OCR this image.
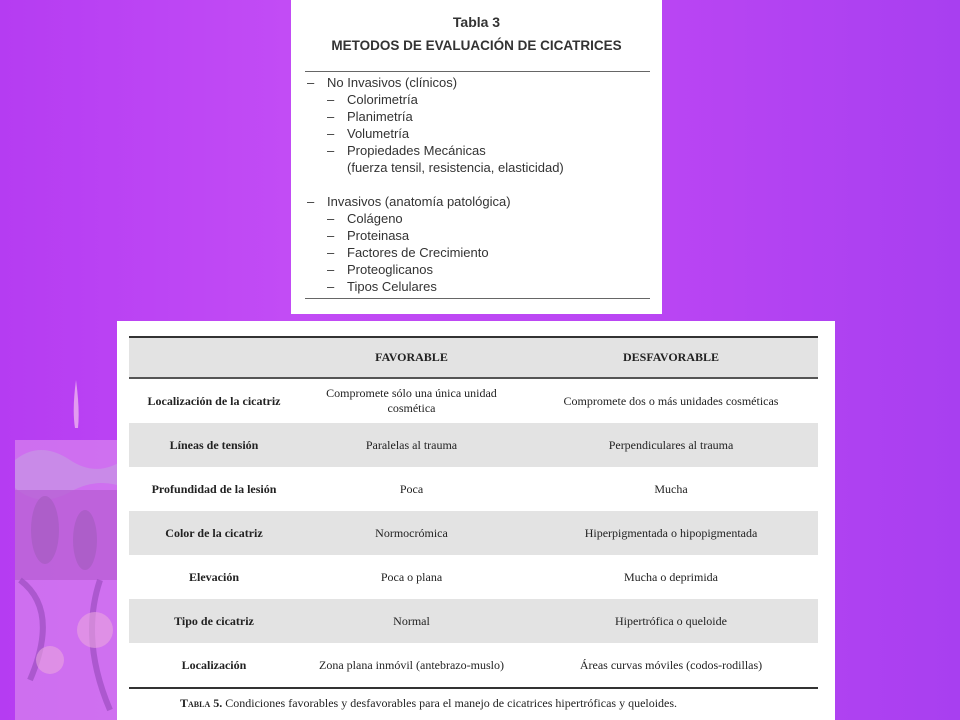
Tabla 3
METODOS DE EVALUACIÓN DE CICATRICES
– No Invasivos (clínicos)
– Colorimetría
– Planimetría
– Volumetría
– Propiedades Mecánicas
(fuerza tensil, resistencia, elasticidad)
– Invasivos (anatomía patológica)
– Colágeno
– Proteinasa
– Factores de Crecimiento
– Proteoglicanos
– Tipos Celulares
	FAVORABLE	DESFAVORABLE
Localización de la cicatriz	Compromete sólo una única unidad cosmética	Compromete dos o más unidades cosméticas
Líneas de tensión	Paralelas al trauma	Perpendiculares al trauma
Profundidad de la lesión	Poca	Mucha
Color de la cicatriz	Normocrómica	Hiperpigmentada o hipopigmentada
Elevación	Poca o plana	Mucha o deprimida
Tipo de cicatriz	Normal	Hipertrófica o queloide
Localización	Zona plana inmóvil (antebrazo-muslo)	Áreas curvas móviles (codos-rodillas)
Tabla 5. Condiciones favorables y desfavorables para el manejo de cicatrices hipertróficas y queloides.
